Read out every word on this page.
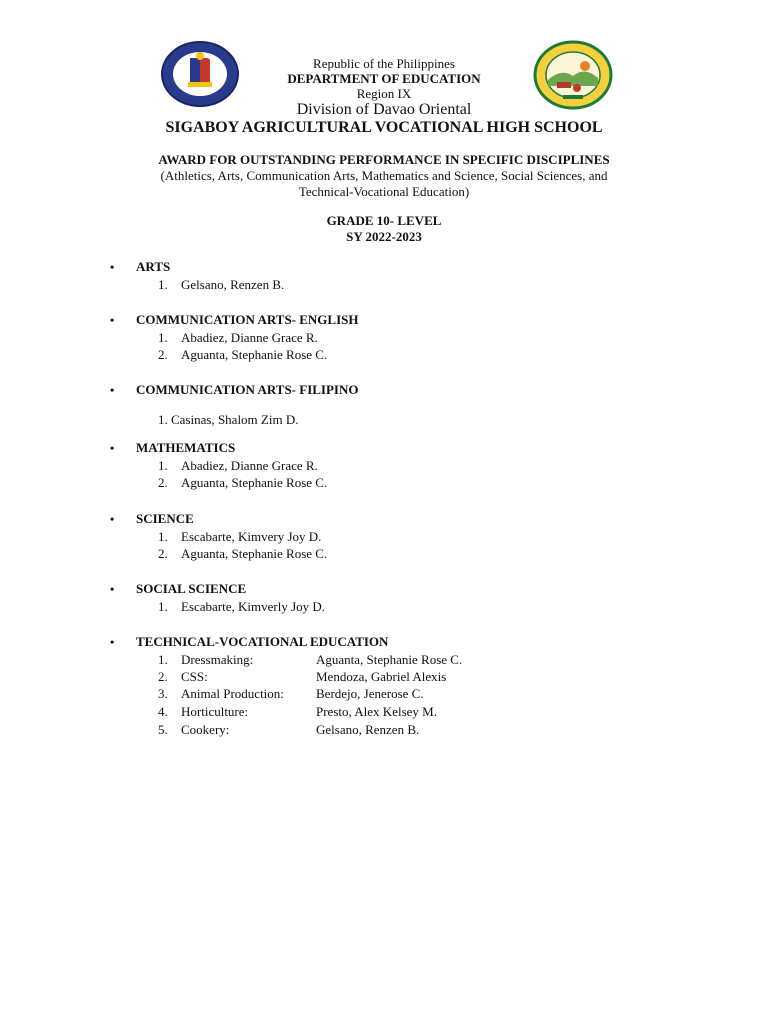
Republic of the Philippines
DEPARTMENT OF EDUCATION
Region IX
Division of Davao Oriental
SIGABOY AGRICULTURAL VOCATIONAL HIGH SCHOOL
AWARD FOR OUTSTANDING PERFORMANCE IN SPECIFIC DISCIPLINES
(Athletics, Arts, Communication Arts, Mathematics and Science, Social Sciences, and
Technical-Vocational Education)
GRADE 10- LEVEL
SY 2022-2023
• ARTS
1. Gelsano, Renzen B.
• COMMUNICATION ARTS- ENGLISH
1. Abadiez, Dianne Grace R.
2. Aguanta, Stephanie Rose C.
• COMMUNICATION ARTS- FILIPINO
1. Casinas, Shalom Zim D.
• MATHEMATICS
1. Abadiez, Dianne Grace R.
2. Aguanta, Stephanie Rose C.
• SCIENCE
1. Escabarte, Kimvery Joy D.
2. Aguanta, Stephanie Rose C.
• SOCIAL SCIENCE
1. Escabarte, Kimverly Joy D.
• TECHNICAL-VOCATIONAL EDUCATION
1. Dressmaking:	Aguanta, Stephanie Rose C.
2. CSS:	Mendoza, Gabriel Alexis
3. Animal Production: Berdejo, Jenerose C.
4. Horticulture:	Presto, Alex Kelsey M.
5. Cookery:	Gelsano, Renzen B.
